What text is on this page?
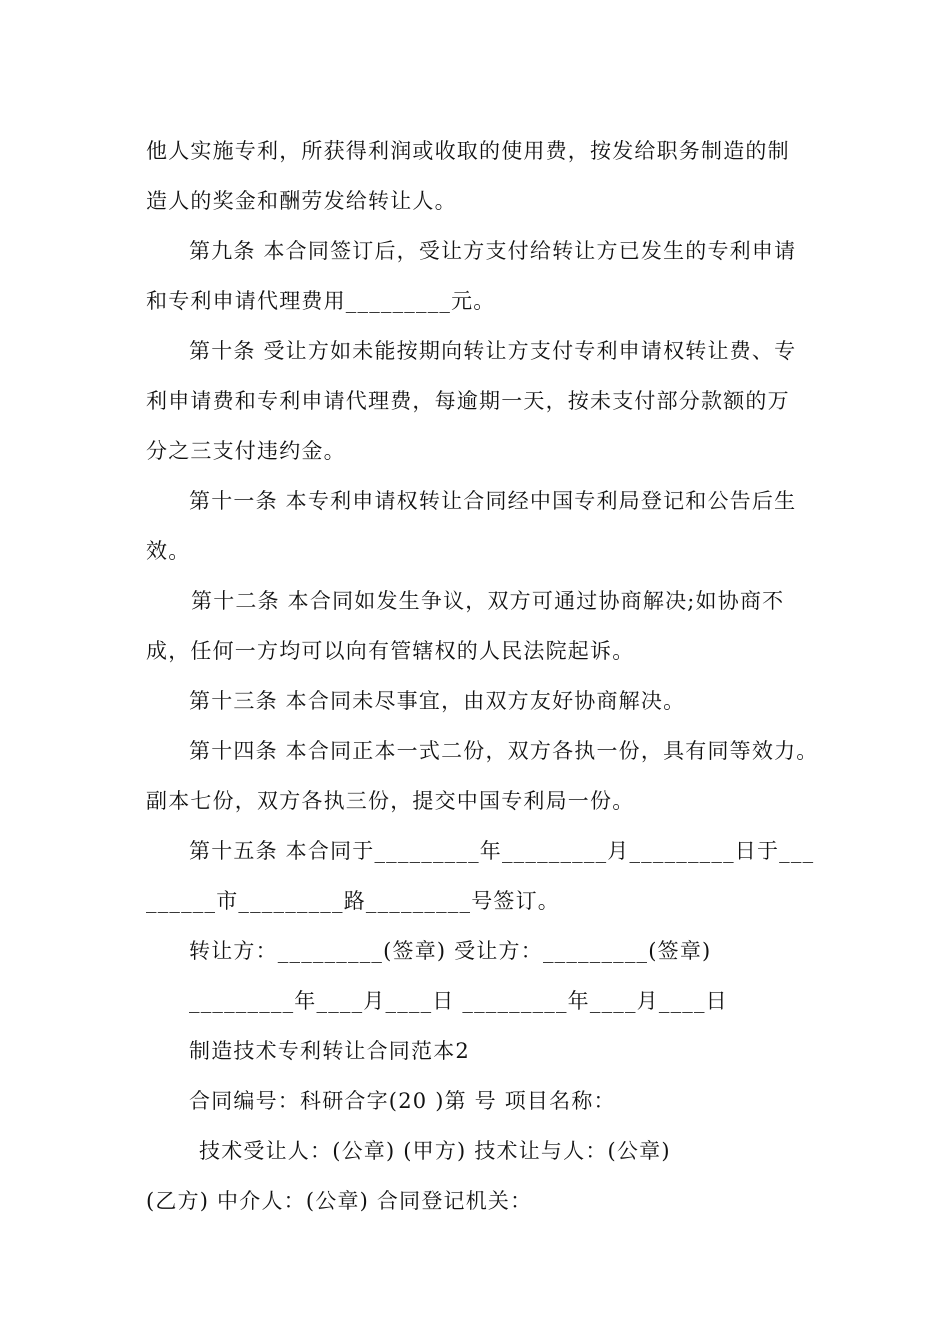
他人实施专利，所获得利润或收取的使用费，按发给职务制造的制
造人的奖金和酬劳发给转让人。
第九条 本合同签订后，受让方支付给转让方已发生的专利申请
和专利申请代理费用_________元。
第十条 受让方如未能按期向转让方支付专利申请权转让费、专
利申请费和专利申请代理费，每逾期一天，按未支付部分款额的万
分之三支付违约金。
第十一条 本专利申请权转让合同经中国专利局登记和公告后生
效。
第十二条 本合同如发生争议，双方可通过协商解决;如协商不
成，任何一方均可以向有管辖权的人民法院起诉。
第十三条 本合同未尽事宜，由双方友好协商解决。
第十四条 本合同正本一式二份，双方各执一份，具有同等效力。
副本七份，双方各执三份，提交中国专利局一份。
第十五条 本合同于_________年_________月_________日于___
______市_________路_________号签订。
转让方：_________(签章) 受让方：_________(签章)
_________年____月____日 _________年____月____日
制造技术专利转让合同范本2
合同编号：科研合字(20 )第 号 项目名称：
技术受让人：(公章) (甲方) 技术让与人：(公章)
(乙方) 中介人：(公章) 合同登记机关：
